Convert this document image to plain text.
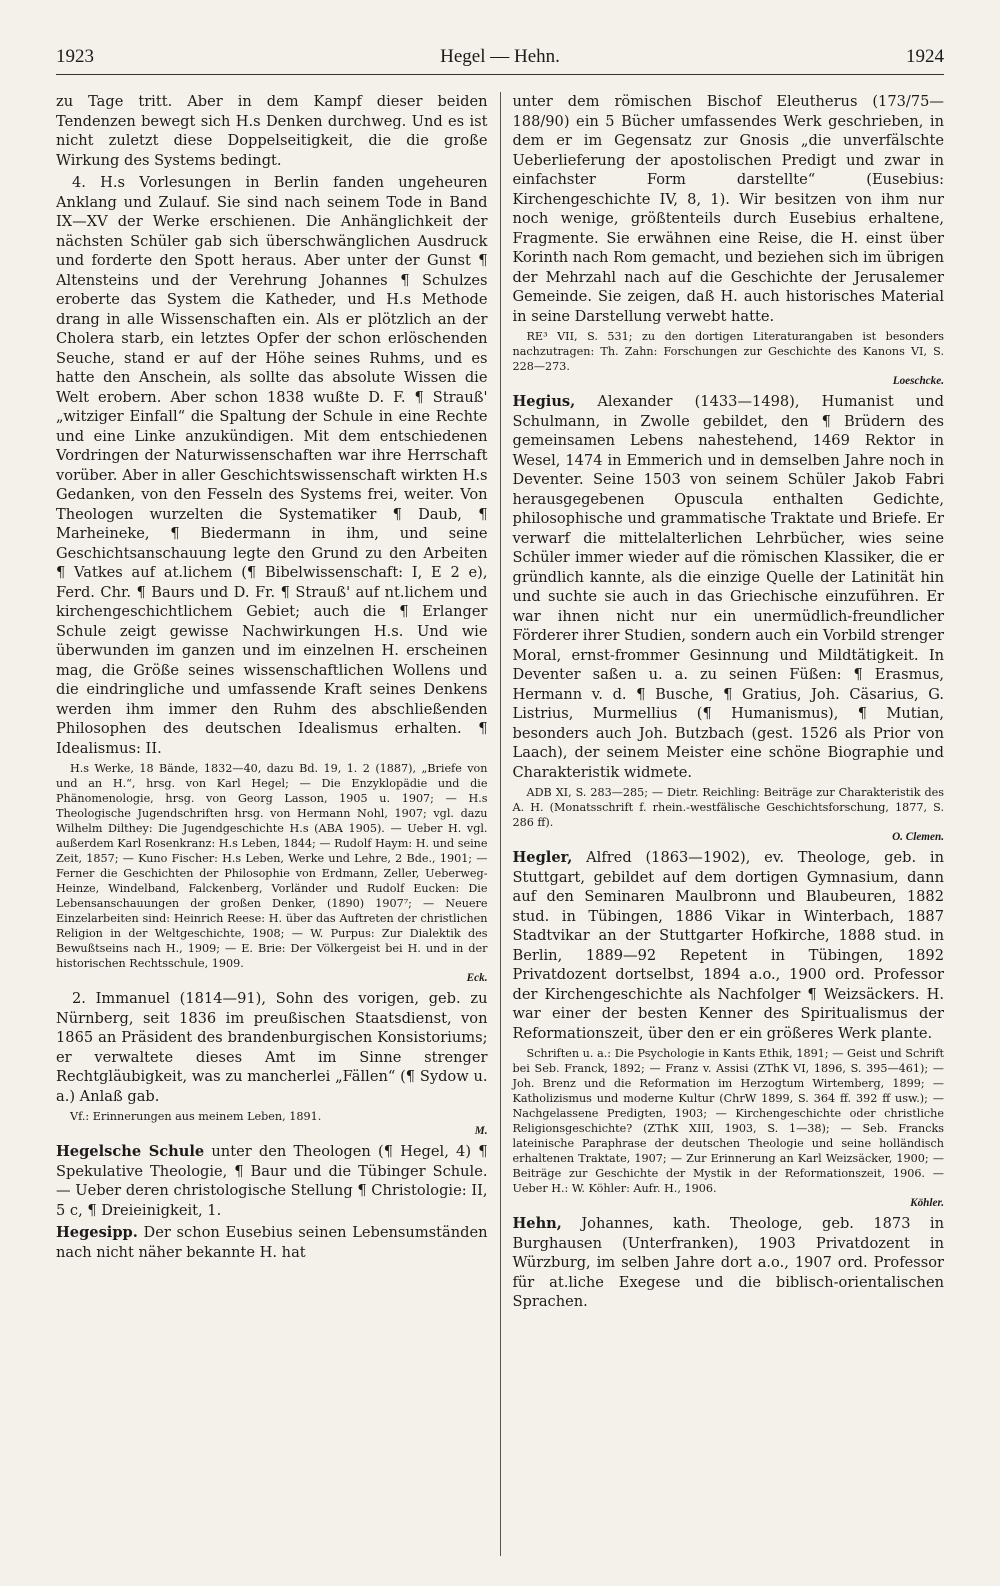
1923	Hegel — Hehn.	1924

zu Tage tritt. Aber in dem Kampf dieser beiden Tendenzen bewegt sich H.s Denken durchweg. Und es ist nicht zuletzt diese Doppelseitigkeit, die die große Wirkung des Systems bedingt.

4. H.s Vorlesungen in Berlin fanden ungeheuren Anklang und Zulauf. Sie sind nach seinem Tode in Band IX—XV der Werke erschienen. Die Anhänglichkeit der nächsten Schüler gab sich überschwänglichen Ausdruck und forderte den Spott heraus. Aber unter der Gunst ¶ Altensteins und der Verehrung Johannes ¶ Schulzes eroberte das System die Katheder, und H.s Methode drang in alle Wissenschaften ein. Als er plötzlich an der Cholera starb, ein letztes Opfer der schon erlöschenden Seuche, stand er auf der Höhe seines Ruhms, und es hatte den Anschein, als sollte das absolute Wissen die Welt erobern. Aber schon 1838 wußte D. F. ¶ Strauß' „witziger Einfall“ die Spaltung der Schule in eine Rechte und eine Linke anzukündigen. Mit dem entschiedenen Vordringen der Naturwissenschaften war ihre Herrschaft vorüber. Aber in aller Geschichtswissenschaft wirkten H.s Gedanken, von den Fesseln des Systems frei, weiter. Von Theologen wurzelten die Systematiker ¶ Daub, ¶ Marheineke, ¶ Biedermann in ihm, und seine Geschichtsanschauung legte den Grund zu den Arbeiten ¶ Vatkes auf at.lichem (¶ Bibelwissenschaft: I, E 2 e), Ferd. Chr. ¶ Baurs und D. Fr. ¶ Strauß' auf nt.lichem und kirchengeschichtlichem Gebiet; auch die ¶ Erlanger Schule zeigt gewisse Nachwirkungen H.s. Und wie überwunden im ganzen und im einzelnen H. erscheinen mag, die Größe seines wissenschaftlichen Wollens und die eindringliche und umfassende Kraft seines Denkens werden ihm immer den Ruhm des abschließenden Philosophen des deutschen Idealismus erhalten. ¶ Idealismus: II.

H.s Werke, 18 Bände, 1832—40, dazu Bd. 19, 1. 2 (1887), „Briefe von und an H.“, hrsg. von Karl Hegel; — Die Enzyklopädie und die Phänomenologie, hrsg. von Georg Lasson, 1905 u. 1907; — H.s Theologische Jugendschriften hrsg. von Hermann Nohl, 1907; vgl. dazu Wilhelm Dilthey: Die Jugendgeschichte H.s (ABA 1905). — Ueber H. vgl. außerdem Karl Rosenkranz: H.s Leben, 1844; — Rudolf Haym: H. und seine Zeit, 1857; — Kuno Fischer: H.s Leben, Werke und Lehre, 2 Bde., 1901; — Ferner die Geschichten der Philosophie von Erdmann, Zeller, Ueberweg-Heinze, Windelband, Falckenberg, Vorländer und Rudolf Eucken: Die Lebensanschauungen der großen Denker, (1890) 1907⁷; — Neuere Einzelarbeiten sind: Heinrich Reese: H. über das Auftreten der christlichen Religion in der Weltgeschichte, 1908; — W. Purpus: Zur Dialektik des Bewußtseins nach H., 1909; — E. Brie: Der Völkergeist bei H. und in der historischen Rechtsschule, 1909.
Eck.

2. Immanuel (1814—91), Sohn des vorigen, geb. zu Nürnberg, seit 1836 im preußischen Staatsdienst, von 1865 an Präsident des brandenburgischen Konsistoriums; er verwaltete dieses Amt im Sinne strenger Rechtgläubigkeit, was zu mancherlei „Fällen“ (¶ Sydow u. a.) Anlaß gab.

Vf.: Erinnerungen aus meinem Leben, 1891.
M.

Hegelsche Schule unter den Theologen (¶ Hegel, 4) ¶ Spekulative Theologie, ¶ Baur und die Tübinger Schule. — Ueber deren christologische Stellung ¶ Christologie: II, 5 c, ¶ Dreieinigkeit, 1.

Hegesipp. Der schon Eusebius seinen Lebensumständen nach nicht näher bekannte H. hat

unter dem römischen Bischof Eleutherus (173/75—188/90) ein 5 Bücher umfassendes Werk geschrieben, in dem er im Gegensatz zur Gnosis „die unverfälschte Ueberlieferung der apostolischen Predigt und zwar in einfachster Form darstellte“ (Eusebius: Kirchengeschichte IV, 8, 1). Wir besitzen von ihm nur noch wenige, größtenteils durch Eusebius erhaltene, Fragmente. Sie erwähnen eine Reise, die H. einst über Korinth nach Rom gemacht, und beziehen sich im übrigen der Mehrzahl nach auf die Geschichte der Jerusalemer Gemeinde. Sie zeigen, daß H. auch historisches Material in seine Darstellung verwebt hatte.

RE³ VII, S. 531; zu den dortigen Literaturangaben ist besonders nachzutragen: Th. Zahn: Forschungen zur Geschichte des Kanons VI, S. 228—273.
Loeschcke.

Hegius, Alexander (1433—1498), Humanist und Schulmann, in Zwolle gebildet, den ¶ Brüdern des gemeinsamen Lebens nahestehend, 1469 Rektor in Wesel, 1474 in Emmerich und in demselben Jahre noch in Deventer. Seine 1503 von seinem Schüler Jakob Fabri herausgegebenen Opuscula enthalten Gedichte, philosophische und grammatische Traktate und Briefe. Er verwarf die mittelalterlichen Lehrbücher, wies seine Schüler immer wieder auf die römischen Klassiker, die er gründlich kannte, als die einzige Quelle der Latinität hin und suchte sie auch in das Griechische einzuführen. Er war ihnen nicht nur ein unermüdlich-freundlicher Förderer ihrer Studien, sondern auch ein Vorbild strenger Moral, ernst-frommer Gesinnung und Mildtätigkeit. In Deventer saßen u. a. zu seinen Füßen: ¶ Erasmus, Hermann v. d. ¶ Busche, ¶ Gratius, Joh. Cäsarius, G. Listrius, Murmellius (¶ Humanismus), ¶ Mutian, besonders auch Joh. Butzbach (gest. 1526 als Prior von Laach), der seinem Meister eine schöne Biographie und Charakteristik widmete.

ADB XI, S. 283—285; — Dietr. Reichling: Beiträge zur Charakteristik des A. H. (Monatsschrift f. rhein.-westfälische Geschichtsforschung, 1877, S. 286 ff).
O. Clemen.

Hegler, Alfred (1863—1902), ev. Theologe, geb. in Stuttgart, gebildet auf dem dortigen Gymnasium, dann auf den Seminaren Maulbronn und Blaubeuren, 1882 stud. in Tübingen, 1886 Vikar in Winterbach, 1887 Stadtvikar an der Stuttgarter Hofkirche, 1888 stud. in Berlin, 1889—92 Repetent in Tübingen, 1892 Privatdozent dortselbst, 1894 a.o., 1900 ord. Professor der Kirchengeschichte als Nachfolger ¶ Weizsäckers. H. war einer der besten Kenner des Spiritualismus der Reformationszeit, über den er ein größeres Werk plante.

Schriften u. a.: Die Psychologie in Kants Ethik, 1891; — Geist und Schrift bei Seb. Franck, 1892; — Franz v. Assisi (ZThK VI, 1896, S. 395—461); — Joh. Brenz und die Reformation im Herzogtum Wirtemberg, 1899; — Katholizismus und moderne Kultur (ChrW 1899, S. 364 ff. 392 ff usw.); — Nachgelassene Predigten, 1903; — Kirchengeschichte oder christliche Religionsgeschichte? (ZThK XIII, 1903, S. 1—38); — Seb. Francks lateinische Paraphrase der deutschen Theologie und seine holländisch erhaltenen Traktate, 1907; — Zur Erinnerung an Karl Weizsäcker, 1900; — Beiträge zur Geschichte der Mystik in der Reformationszeit, 1906. — Ueber H.: W. Köhler: Aufr. H., 1906.
Köhler.

Hehn, Johannes, kath. Theologe, geb. 1873 in Burghausen (Unterfranken), 1903 Privatdozent in Würzburg, im selben Jahre dort a.o., 1907 ord. Professor für at.liche Exegese und die biblisch-orientalischen Sprachen.
